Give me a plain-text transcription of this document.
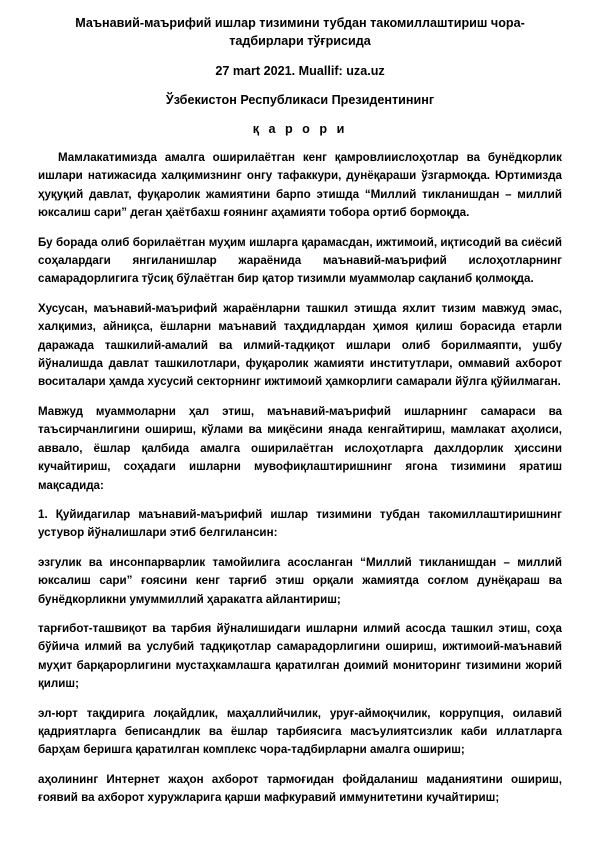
Маънавий-маърифий ишлар тизимини тубдан такомиллаштириш чора-тадбирлари тўғрисида
27 mart 2021. Muallif: uza.uz
Ўзбекистон Республикаси Президентининг
қ а р о р и

Мамлакатимизда амалга оширилаётган кенг қамровлиислоҳотлар ва бунёдкорлик ишлари натижасида халқимизнинг онгу тафаккури, дунёқараши ўзгармоқда. Юртимизда ҳуқуқий давлат, фуқаролик жамиятини барпо этишда “Миллий тикланишдан – миллий юксалиш сари” деган ҳаётбахш ғоянинг аҳамияти тобора ортиб бормоқда.

Бу борада олиб борилаётган муҳим ишларга қарамасдан, ижтимоий, иқтисодий ва сиёсий соҳалардаги янгиланишлар жараёнида маънавий-маърифий ислоҳотларнинг самарадорлигига тўсиқ бўлаётган бир қатор тизимли муаммолар сақланиб қолмоқда.

Хусусан, маънавий-маърифий жараёнларни ташкил этишда яхлит тизим мавжуд эмас, халқимиз, айниқса, ёшларни маънавий таҳдидлардан ҳимоя қилиш борасида етарли даражада ташкилий-амалий ва илмий-тадқиқот ишлари олиб борилмаяпти, ушбу йўналишда давлат ташкилотлари, фуқаролик жамияти институтлари, оммавий ахборот воситалари ҳамда хусусий секторнинг ижтимоий ҳамкорлиги самарали йўлга қўйилмаган.

Мавжуд муаммоларни ҳал этиш, маънавий-маърифий ишларнинг самараси ва таъсирчанлигини ошириш, кўлами ва миқёсини янада кенгайтириш, мамлакат аҳолиси, аввало, ёшлар қалбида амалга оширилаётган ислоҳотларга дахлдорлик ҳиссини кучайтириш, соҳадаги ишларни мувофиқлаштиришнинг ягона тизимини яратиш мақсадида:

1. Қуйидагилар маънавий-маърифий ишлар тизимини тубдан такомиллаштиришнинг устувор йўналишлари этиб белгилансин:

эзгулик ва инсонпарварлик тамойилига асосланган “Миллий тикланишдан – миллий юксалиш сари” ғоясини кенг тарғиб этиш орқали жамиятда соғлом дунёқараш ва бунёдкорликни умуммиллий ҳаракатга айлантириш;

тарғибот-ташвиқот ва тарбия йўналишидаги ишларни илмий асосда ташкил этиш, соҳа бўйича илмий ва услубий тадқиқотлар самарадорлигини ошириш, ижтимоий-маънавий муҳит барқарорлигини мустаҳкамлашга қаратилган доимий мониторинг тизимини жорий қилиш;

эл-юрт тақдирига лоқайдлик, маҳаллийчилик, уруғ-аймоқчилик, коррупция, оилавий қадриятларга беписандлик ва ёшлар тарбиясига масъулиятсизлик каби иллатларга барҳам беришга қаратилган комплекс чора-тадбирларни амалга ошириш;

аҳолининг Интернет жаҳон ахборот тармоғидан фойдаланиш маданиятини ошириш, ғоявий ва ахборот хуружларига қарши мафкуравий иммунитетини кучайтириш;
